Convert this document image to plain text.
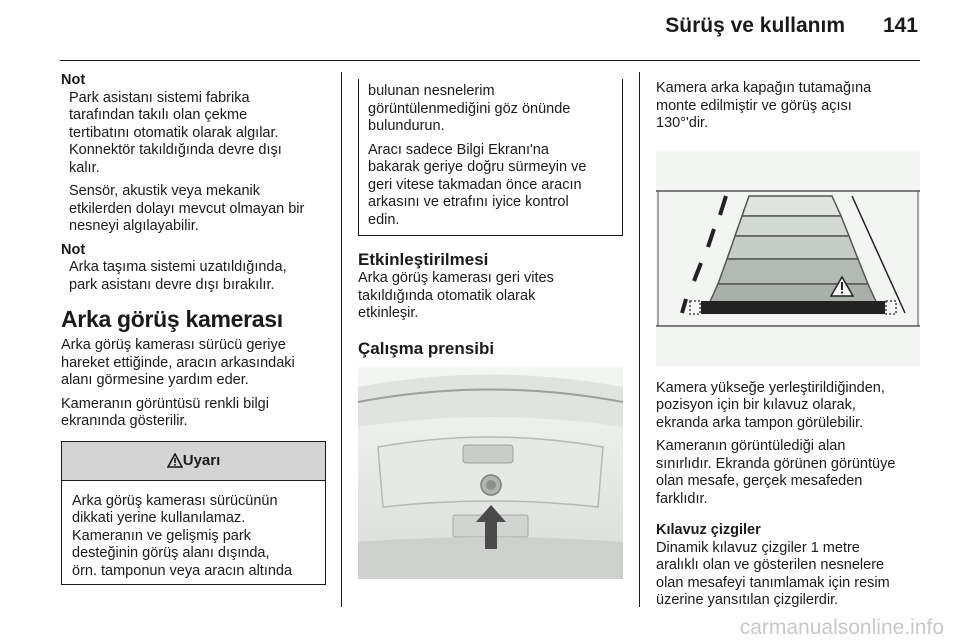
Sürüş ve kullanım 141

Not

Park asistanı sistemi fabrika
tarafından takılı olan çekme
tertibatını otomatik olarak algılar.
Konnektör takıldığında devre dışı
kalır.

Sensör, akustik veya mekanik
etkilerden dolayı mevcut olmayan bir
nesneyi algılayabilir.

Not

Arka taşıma sistemi uzatıldığında,
park asistanı devre dışı bırakılır.

Arka görüş kamerası

Arka görüş kamerası sürücü geriye
hareket ettiğinde, aracın arkasındaki
alanı görmesine yardım eder.

Kameranın görüntüsü renkli bilgi
ekranında gösterilir.

Uyarı
Arka görüş kamerası sürücünün
dikkati yerine kullanılamaz.
Kameranın ve gelişmiş park
desteğinin görüş alanı dışında,
örn. tamponun veya aracın altında

bulunan nesnelerim
görüntülenmediğini göz önünde
bulundurun.

Aracı sadece Bilgi Ekranı'na
bakarak geriye doğru sürmeyin ve
geri vitese takmadan önce aracın
arkasını ve etrafını iyice kontrol
edin.

Etkinleştirilmesi

Arka görüş kamerası geri vites
takıldığında otomatik olarak
etkinleşir.

Çalışma prensibi

Kamera arka kapağın tutamağına
monte edilmiştir ve görüş açısı
130°'dir.

Kamera yükseğe yerleştirildiğinden,
pozisyon için bir kılavuz olarak,
ekranda arka tampon görülebilir.

Kameranın görüntülediği alan
sınırlıdır. Ekranda görünen görüntüye
olan mesafe, gerçek mesafeden
farklıdır.

Kılavuz çizgiler

Dinamik kılavuz çizgiler 1 metre
aralıklı olan ve gösterilen nesnelere
olan mesafeyi tanımlamak için resim
üzerine yansıtılan çizgilerdir.

carmanualsonline.info
